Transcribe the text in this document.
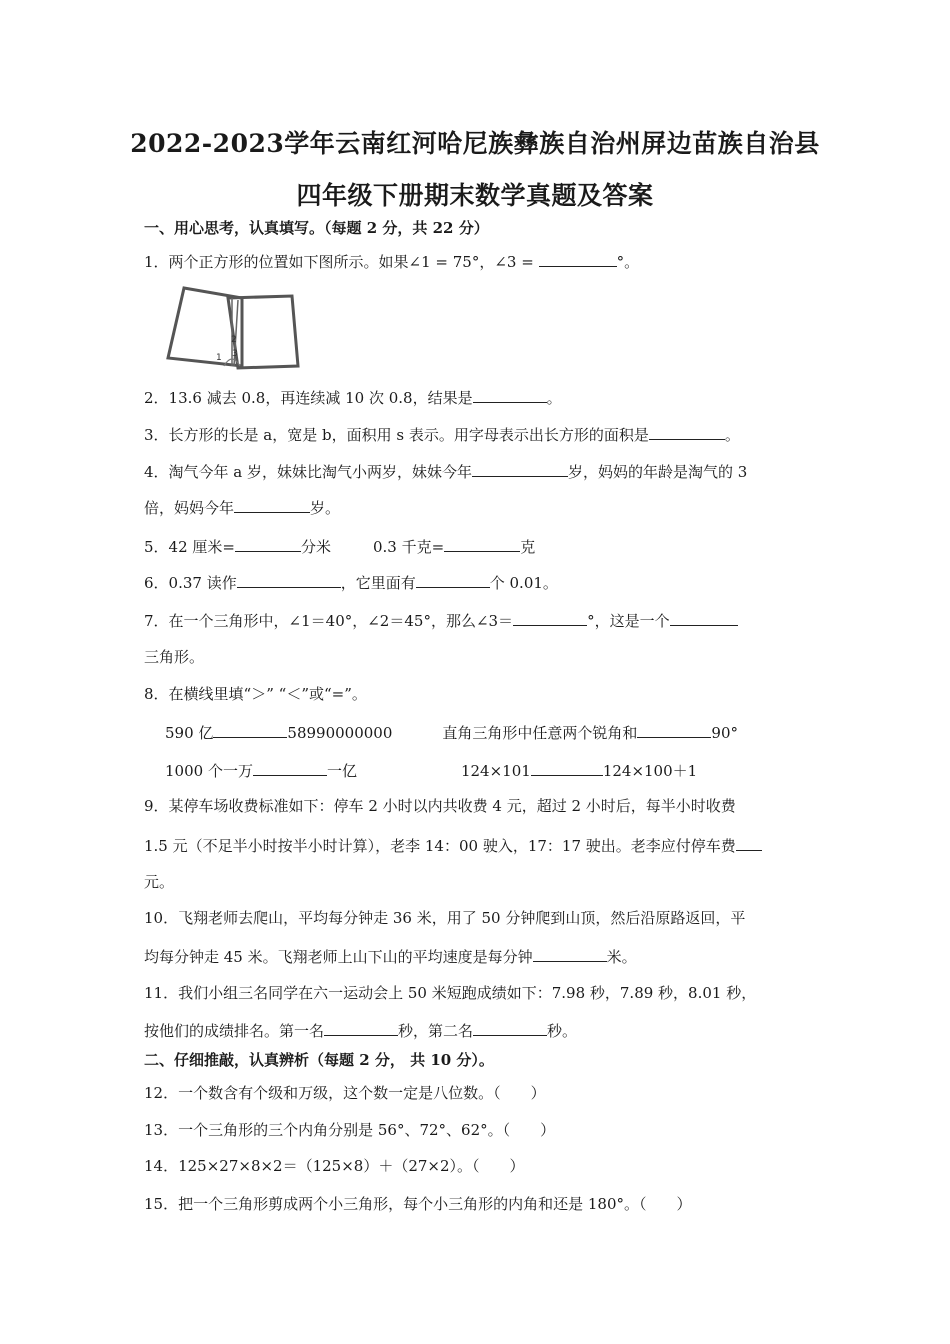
2022-2023学年云南红河哈尼族彝族自治州屏边苗族自治县
四年级下册期末数学真题及答案
一、用心思考，认真填写。（每题 2 分，共 22 分）
1．两个正方形的位置如下图所示。如果∠1 = 75°，∠3 =	°。
1
2
3
2．13.6 减去 0.8，再连续减 10 次 0.8，结果是	。
3．长方形的长是 a，宽是 b，面积用 s 表示。用字母表示出长方形的面积是	。
4．淘气今年 a 岁，妹妹比淘气小两岁，妹妹今年	岁，妈妈的年龄是淘气的 3
倍，妈妈今年	岁。
5．42 厘米=	分米	0.3 千克=	克
6．0.37 读作	，它里面有	个 0.01。
7．在一个三角形中，∠1＝40°，∠2＝45°，那么∠3＝	°，这是一个
三角形。
8．在横线里填“＞” “＜”或“=”。
590 亿	58990000000	直角三角形中任意两个锐角和	90°
1000 个一万	一亿	124×101	124×100＋1
9．某停车场收费标准如下：停车 2 小时以内共收费 4 元，超过 2 小时后，每半小时收费
1.5 元（不足半小时按半小时计算），老李 14：00 驶入，17：17 驶出。老李应付停车费
元。
10．飞翔老师去爬山，平均每分钟走 36 米，用了 50 分钟爬到山顶，然后沿原路返回，平
均每分钟走 45 米。飞翔老师上山下山的平均速度是每分钟	米。
11．我们小组三名同学在六一运动会上 50 米短跑成绩如下：7.98 秒，7.89 秒，8.01 秒，
按他们的成绩排名。第一名	秒，第二名	秒。
二、仔细推敲，认真辨析（每题 2 分， 共 10 分）。
12．一个数含有个级和万级，这个数一定是八位数。（　　）
13．一个三角形的三个内角分别是 56°、72°、62°。（　　）
14．125×27×8×2＝（125×8）＋（27×2）。（　　）
15．把一个三角形剪成两个小三角形，每个小三角形的内角和还是 180°。（　　）
